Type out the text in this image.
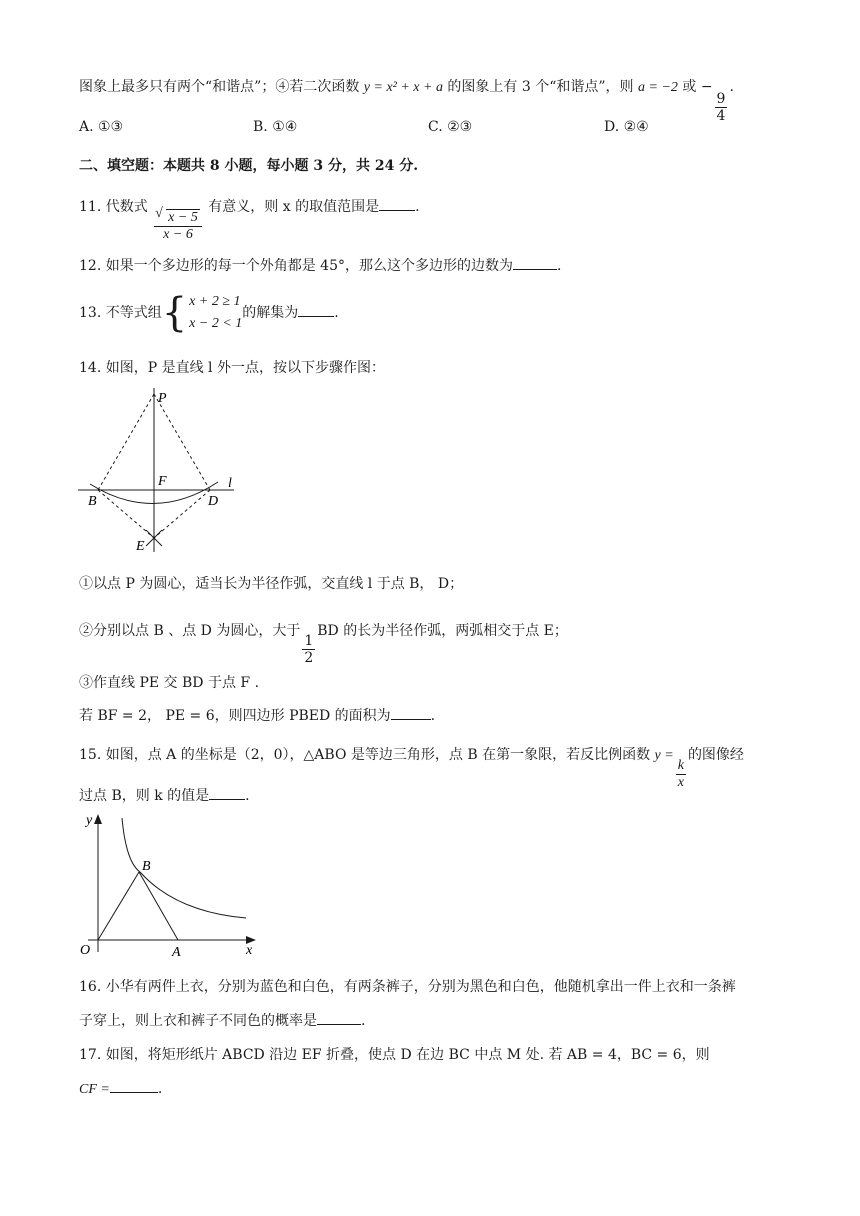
图象上最多只有两个“和谐点”；④若二次函数 y = x² + x + a 的图象上有 3 个“和谐点”，则 a = −2 或 −
$\frac{9}{4}$
.
A. ①③	B. ①④	C. ②③	D. ②④
二、填空题：本题共 8 小题，每小题 3 分，共 24 分.
11. 代数式
√ $\frac{x - 5}{x - 6}$
有意义，则 x 的取值范围是	.
12. 如果一个多边形的每一个外角都是 45°，那么这个多边形的边数为	.
13. 不等式组 { x + 2 ≥ 1
x − 2 < 1
的解集为	.
14. 如图，P 是直线 l 外一点，按以下步骤作图：
P
F	l
B	D
E
①以点 P 为圆心，适当长为半径作弧，交直线 l 于点 B， D；
②分别以点 B 、点 D 为圆心，大于
$\frac{1}{2}$
BD 的长为半径作弧，两弧相交于点 E；
③作直线 PE 交 BD 于点 F .
若 BF = 2， PE = 6，则四边形 PBED 的面积为	.
15. 如图，点 A 的坐标是（2，0），△ABO 是等边三角形，点 B 在第一象限，若反比例函数 y =
$\frac{k}{x}$
的图像经
过点 B，则 k 的值是	.
y
x
O	A
B
16. 小华有两件上衣，分别为蓝色和白色，有两条裤子，分别为黑色和白色，他随机拿出一件上衣和一条裤
子穿上，则上衣和裤子不同色的概率是	.
17. 如图，将矩形纸片 ABCD 沿边 EF 折叠，使点 D 在边 BC 中点 M 处. 若 AB = 4，BC = 6，则
CF =	.
